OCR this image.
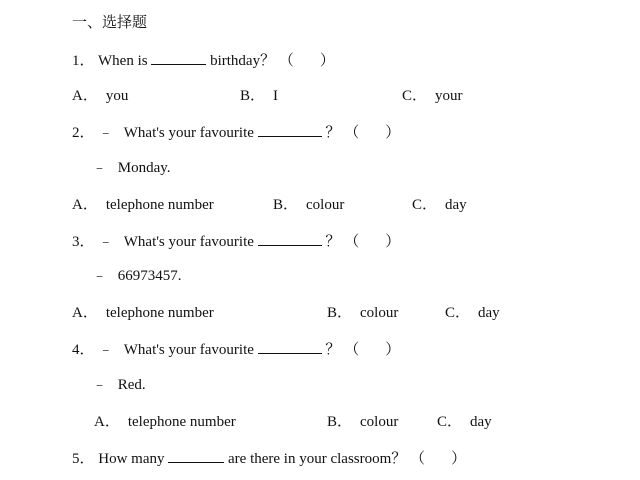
一、选择题
1． When is	birthday？ （ ）
A． you	B． I	C． your
2． ﹣ What's your favourite	？ （ ）
﹣ Monday.
A． telephone number	B． colour	C． day
3． ﹣ What's your favourite	？ （ ）
﹣ 66973457.
A． telephone number	B． colour	C． day
4． ﹣ What's your favourite	？ （ ）
﹣ Red.
A． telephone number	B． colour	C． day
5． How many	are there in your classroom？ （ ）
